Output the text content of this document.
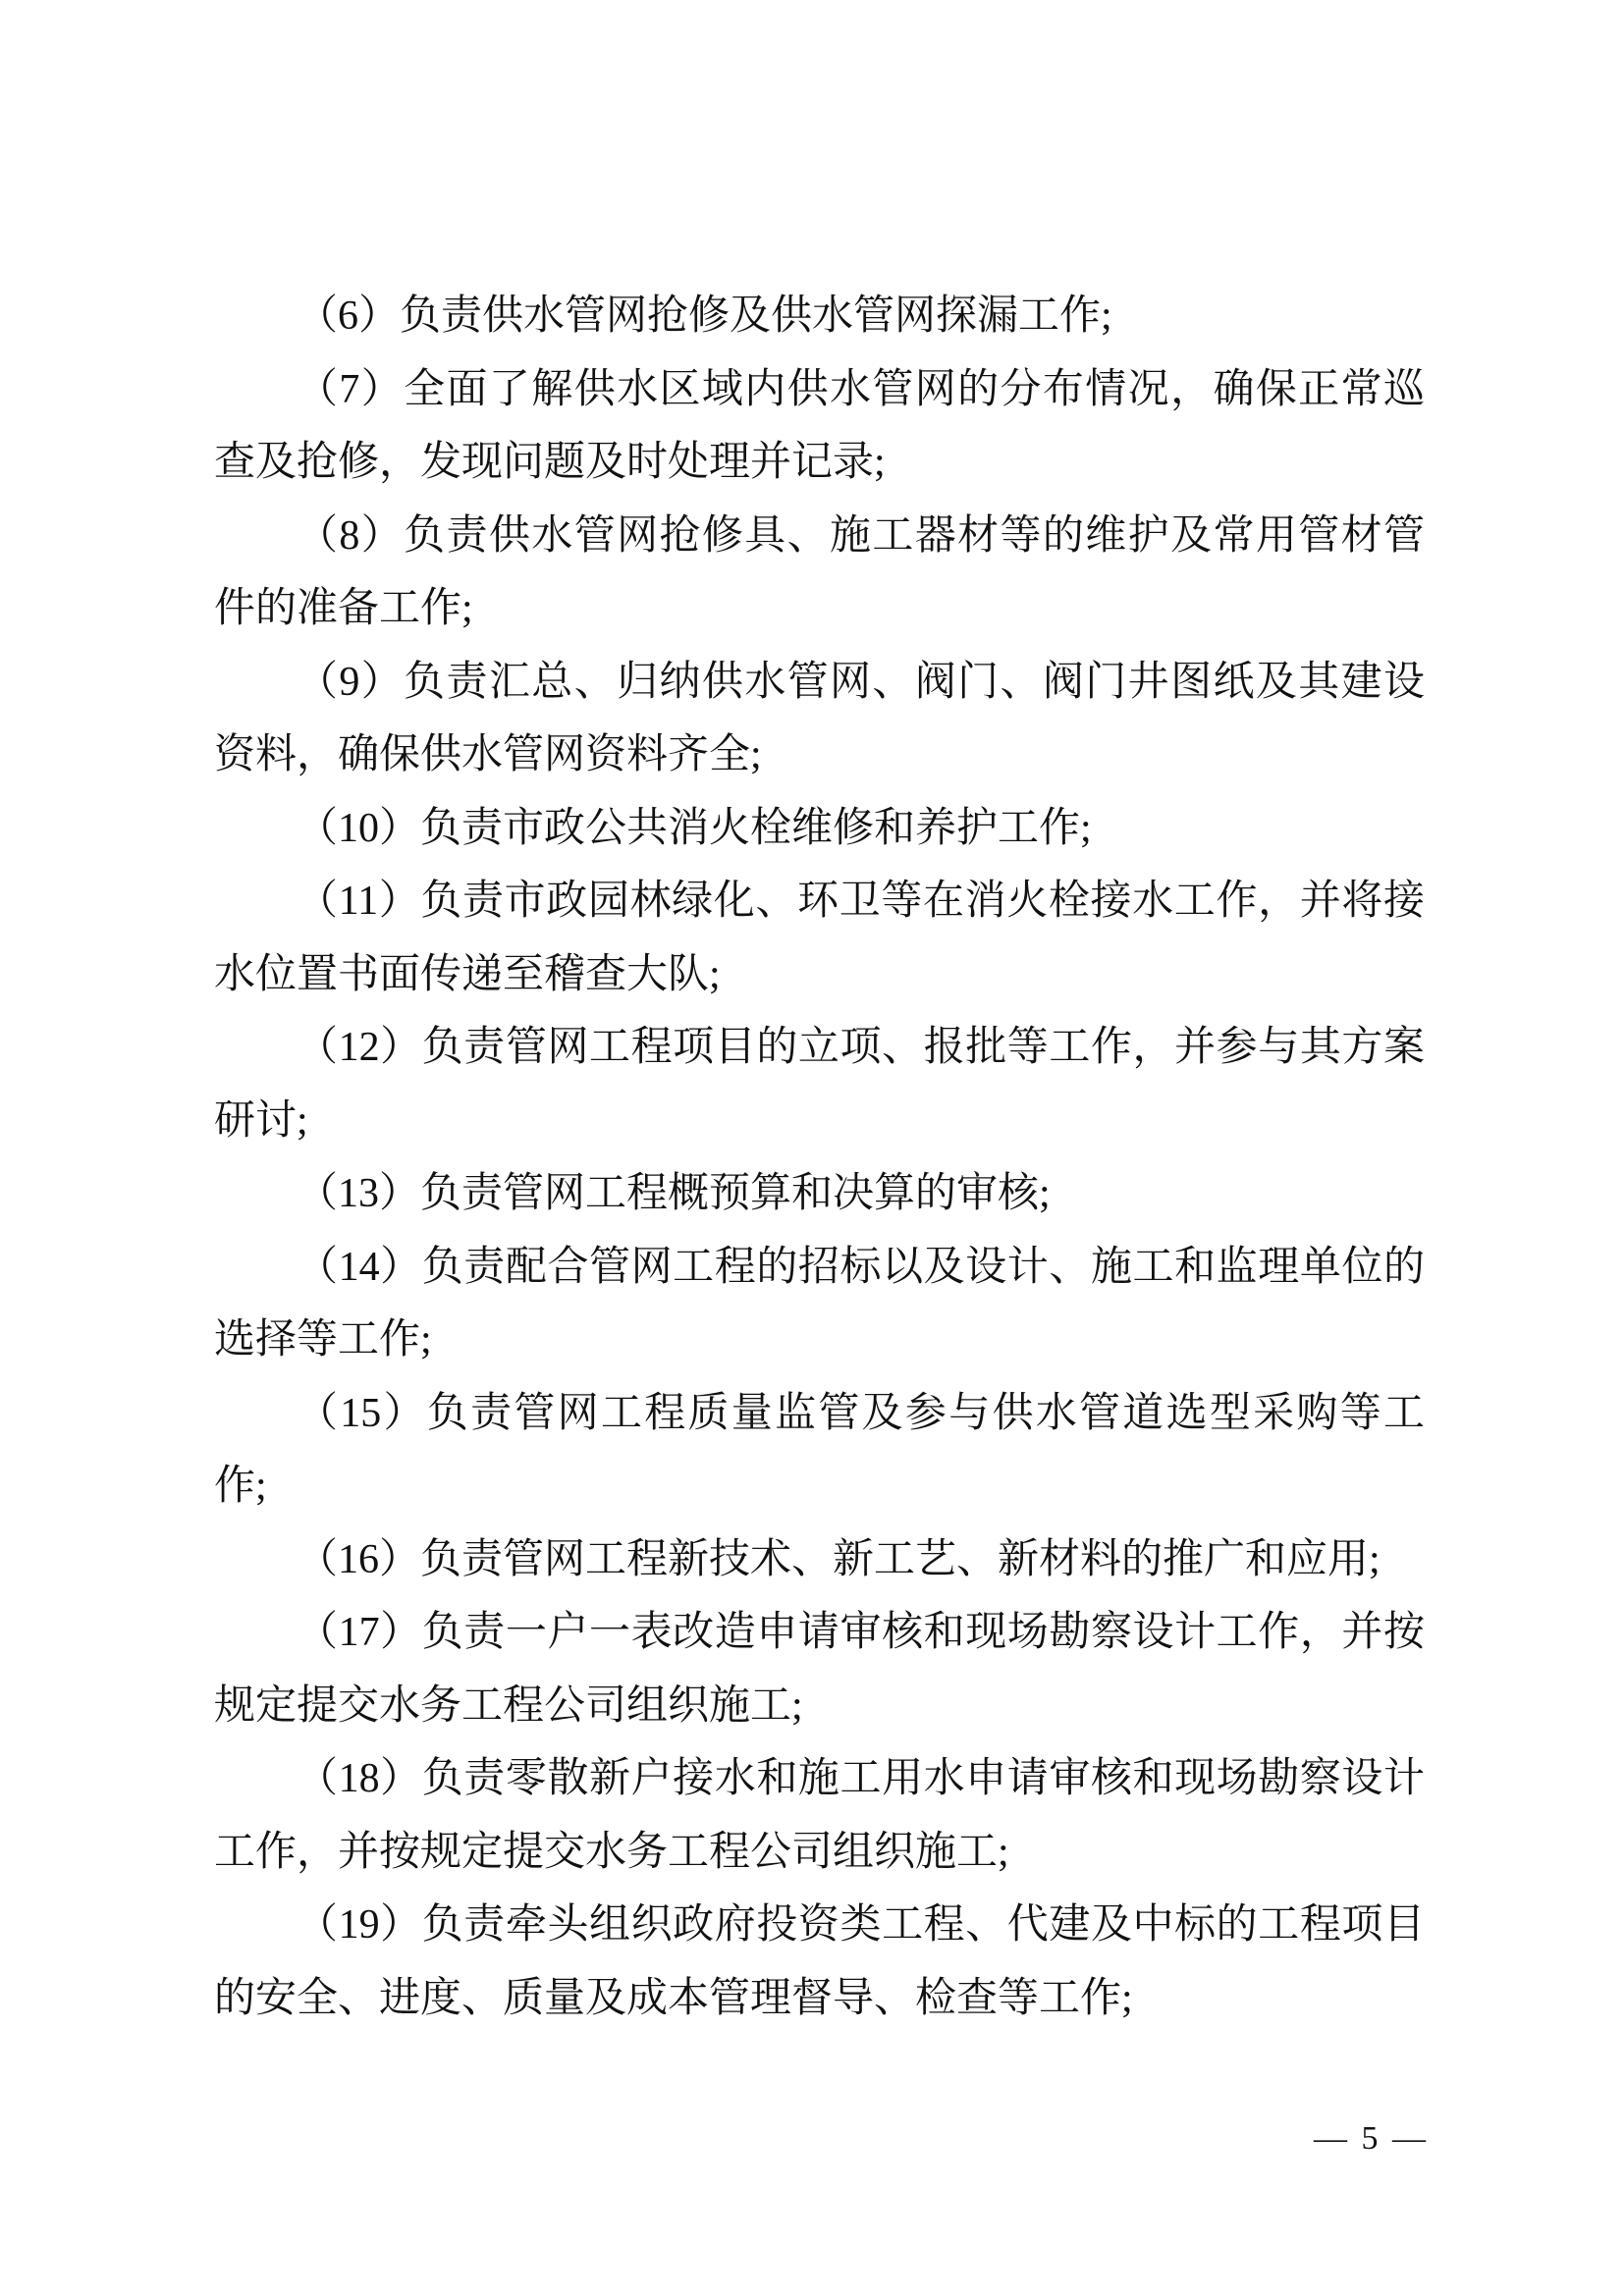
（6）负责供水管网抢修及供水管网探漏工作;
（7）全面了解供水区域内供水管网的分布情况，确保正常巡
查及抢修，发现问题及时处理并记录;
（8）负责供水管网抢修具、施工器材等的维护及常用管材管
件的准备工作;
（9）负责汇总、归纳供水管网、阀门、阀门井图纸及其建设
资料，确保供水管网资料齐全;
（10）负责市政公共消火栓维修和养护工作;
（11）负责市政园林绿化、环卫等在消火栓接水工作，并将接
水位置书面传递至稽查大队;
（12）负责管网工程项目的立项、报批等工作，并参与其方案
研讨;
（13）负责管网工程概预算和决算的审核;
（14）负责配合管网工程的招标以及设计、施工和监理单位的
选择等工作;
（15）负责管网工程质量监管及参与供水管道选型采购等工
作;
（16）负责管网工程新技术、新工艺、新材料的推广和应用;
（17）负责一户一表改造申请审核和现场勘察设计工作，并按
规定提交水务工程公司组织施工;
（18）负责零散新户接水和施工用水申请审核和现场勘察设计
工作，并按规定提交水务工程公司组织施工;
（19）负责牵头组织政府投资类工程、代建及中标的工程项目
的安全、进度、质量及成本管理督导、检查等工作;
— 5 —
